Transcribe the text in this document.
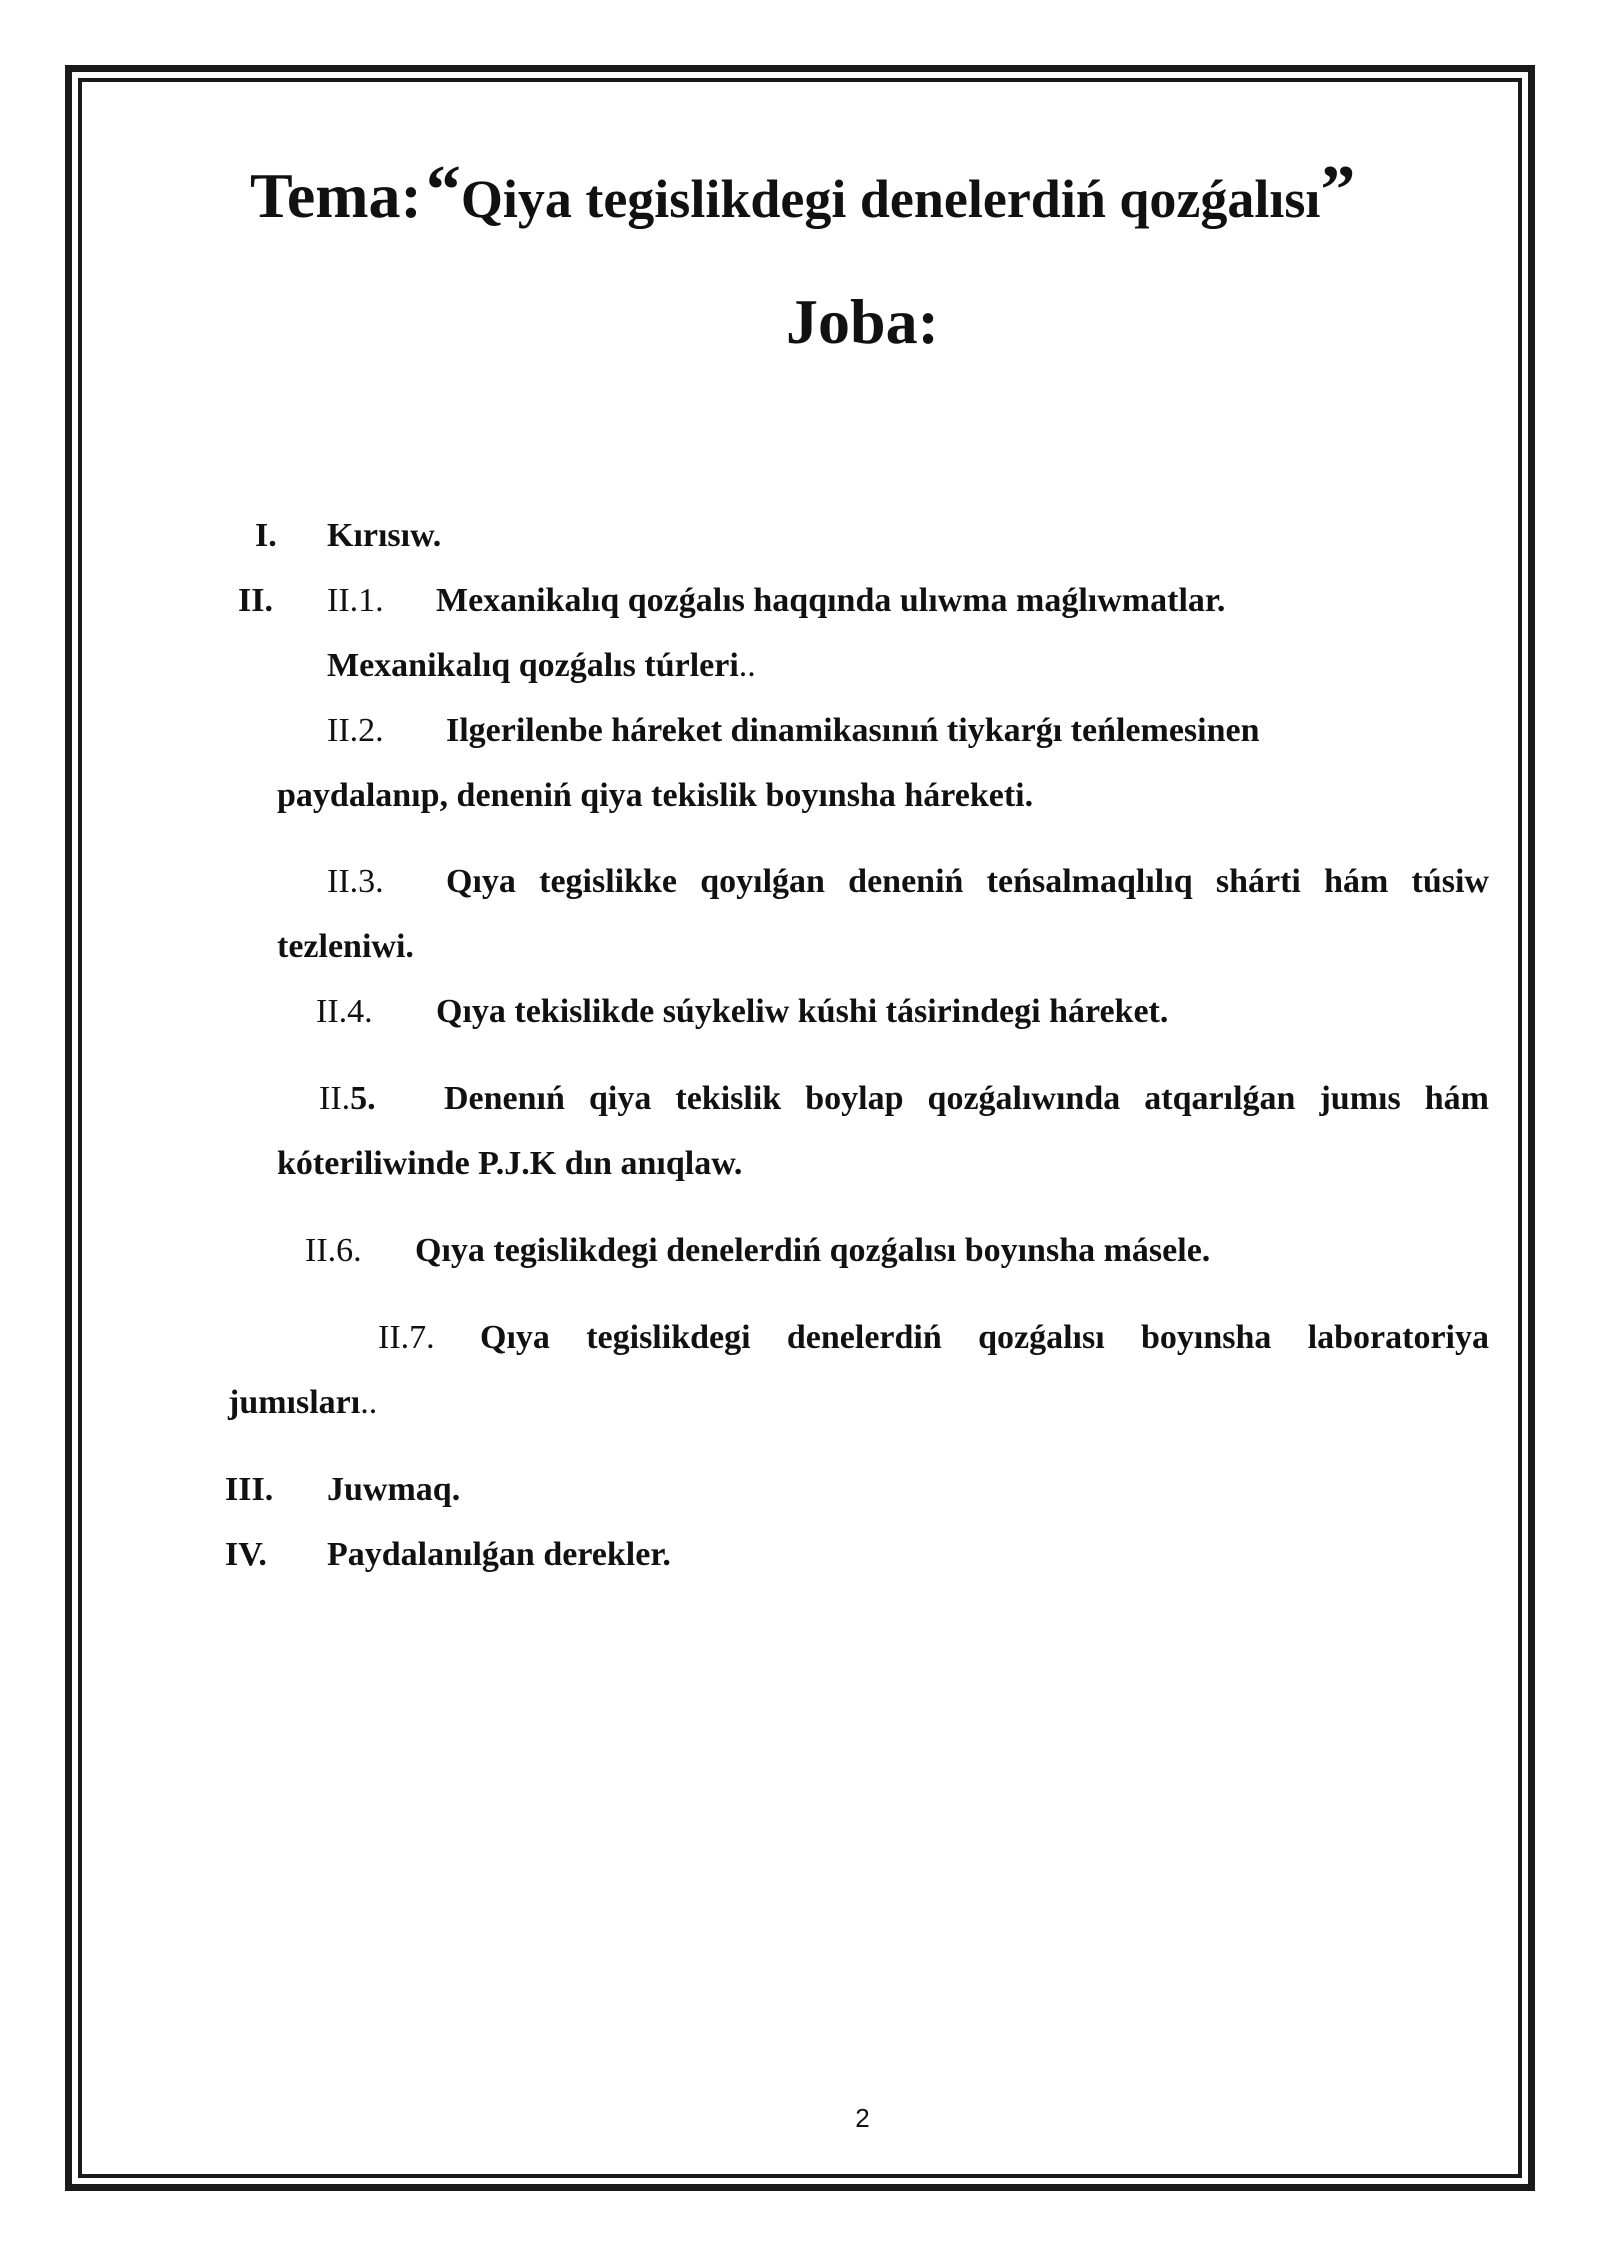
Tema: “Qiya tegislikdegi denelerdiń qozǵalısı”
Joba:
I. Kırısıw.
II. II.1. Mexanikalıq qozǵalıs haqqında ulıwma maǵlıwmatlar.
Mexanikalıq qozǵalıs túrleri..
II.2. Ilgerilenbe háreket dinamikasınıń tiykarǵı teńlemesinen
paydalanıp, deneniń qiya tekislik boyınsha háreketi.
II.3. Qıya tegislikke qoyılǵan deneniń teńsalmaqlılıq shárti hám túsiw
tezleniwi.
II.4. Qıya tekislikde súykeliw kúshi tásirindegi háreket.
II.5. Denenıń qiya tekislik boylap qozǵalıwında atqarılǵan jumıs hám
kóteriliwinde P.J.K dın anıqlaw.
II.6. Qıya tegislikdegi denelerdiń qozǵalısı boyınsha másele.
II.7. Qıya tegislikdegi denelerdiń qozǵalısı boyınsha laboratoriya
jumısları..
III. Juwmaq.
IV. Paydalanılǵan derekler.
2
